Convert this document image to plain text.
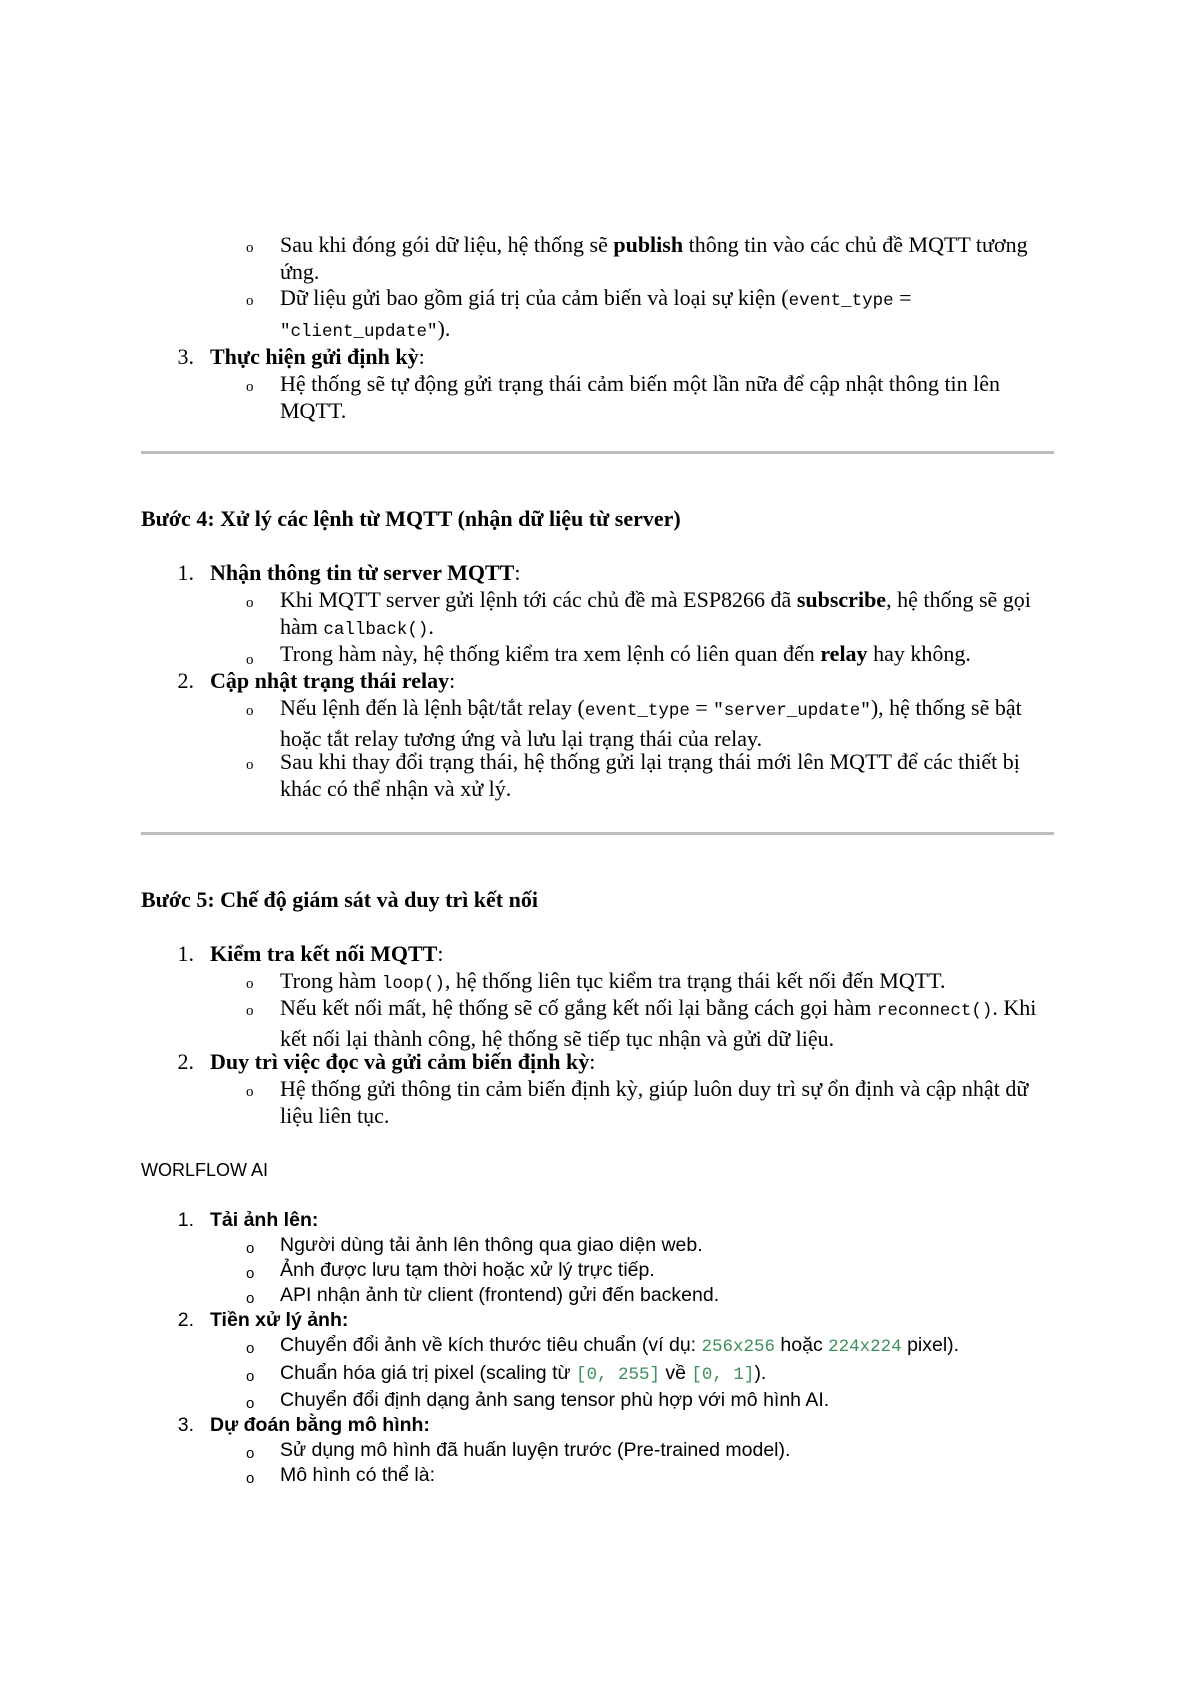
o Sau khi đóng gói dữ liệu, hệ thống sẽ publish thông tin vào các chủ đề MQTT tương ứng.
o Dữ liệu gửi bao gồm giá trị của cảm biến và loại sự kiện (event_type = "client_update").
3. Thực hiện gửi định kỳ:
o Hệ thống sẽ tự động gửi trạng thái cảm biến một lần nữa để cập nhật thông tin lên MQTT.
Bước 4: Xử lý các lệnh từ MQTT (nhận dữ liệu từ server)
1. Nhận thông tin từ server MQTT:
o Khi MQTT server gửi lệnh tới các chủ đề mà ESP8266 đã subscribe, hệ thống sẽ gọi hàm callback().
o Trong hàm này, hệ thống kiểm tra xem lệnh có liên quan đến relay hay không.
2. Cập nhật trạng thái relay:
o Nếu lệnh đến là lệnh bật/tắt relay (event_type = "server_update"), hệ thống sẽ bật hoặc tắt relay tương ứng và lưu lại trạng thái của relay.
o Sau khi thay đổi trạng thái, hệ thống gửi lại trạng thái mới lên MQTT để các thiết bị khác có thể nhận và xử lý.
Bước 5: Chế độ giám sát và duy trì kết nối
1. Kiểm tra kết nối MQTT:
o Trong hàm loop(), hệ thống liên tục kiểm tra trạng thái kết nối đến MQTT.
o Nếu kết nối mất, hệ thống sẽ cố gắng kết nối lại bằng cách gọi hàm reconnect(). Khi kết nối lại thành công, hệ thống sẽ tiếp tục nhận và gửi dữ liệu.
2. Duy trì việc đọc và gửi cảm biến định kỳ:
o Hệ thống gửi thông tin cảm biến định kỳ, giúp luôn duy trì sự ổn định và cập nhật dữ liệu liên tục.
WORLFLOW AI
1. Tải ảnh lên:
o Người dùng tải ảnh lên thông qua giao diện web.
o Ảnh được lưu tạm thời hoặc xử lý trực tiếp.
o API nhận ảnh từ client (frontend) gửi đến backend.
2. Tiền xử lý ảnh:
o Chuyển đổi ảnh về kích thước tiêu chuẩn (ví dụ: 256x256 hoặc 224x224 pixel).
o Chuẩn hóa giá trị pixel (scaling từ [0, 255] về [0, 1]).
o Chuyển đổi định dạng ảnh sang tensor phù hợp với mô hình AI.
3. Dự đoán bằng mô hình:
o Sử dụng mô hình đã huấn luyện trước (Pre-trained model).
o Mô hình có thể là:
